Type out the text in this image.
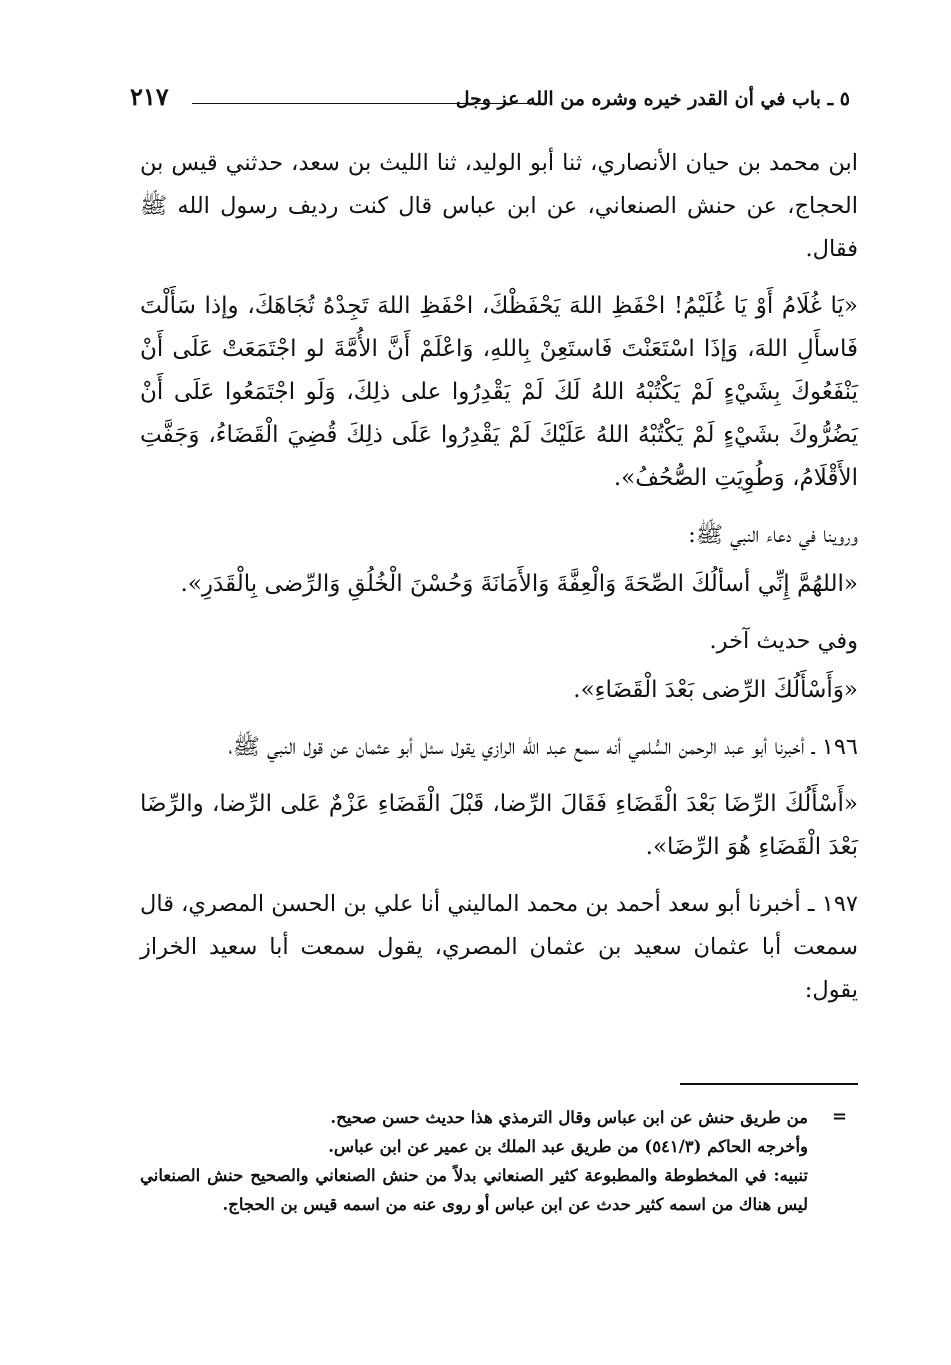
٥ ـ باب في أن القدر خيره وشره من الله عز وجل
٢١٧

ابن محمد بن حيان الأنصاري، ثنا أبو الوليد، ثنا الليث بن سعد، حدثني قيس بن الحجاج، عن حنش الصنعاني، عن ابن عباس قال كنت رديف رسول الله ﷺ فقال.

«يَا غُلَامُ أَوْ يَا غُلَيْمُ! احْفَظِ اللهَ يَحْفَظْكَ، احْفَظِ اللهَ تَجِدْهُ تُجَاهَكَ، وإذا سَأَلْتَ فَاسأَلِ اللهَ، وَإذَا اسْتَعَنْتَ فَاستَعِنْ بِاللهِ، وَاعْلَمْ أَنَّ الأُمَّةَ لو اجْتَمَعَتْ عَلَى أَنْ يَنْفَعُوكَ بِشَيْءٍ لَمْ يَكْتُبْهُ اللهُ لَكَ لَمْ يَقْدِرُوا على ذلِكَ، وَلَو اجْتَمَعُوا عَلَى أَنْ يَضُرُّوكَ بشَيْءٍ لَمْ يَكْتُبْهُ اللهُ عَلَيْكَ لَمْ يَقْدِرُوا عَلَى ذلِكَ قُضِيَ الْقَضَاءُ، وَجَفَّتِ الأَقْلَامُ، وَطُوِيَتِ الصُّحُفُ».

وروينا في دعاء النبي ﷺ:

«اللهُمَّ إِنِّي أسألُكَ الصِّحَةَ وَالْعِفَّةَ وَالأَمَانَةَ وَحُسْنَ الْخُلُقِ وَالرِّضى بِالْقَدَرِ».

وفي حديث آخر.

«وَأَسْأَلُكَ الرِّضى بَعْدَ الْقَضَاءِ».

١٩٦ ـ أخبرنا أبو عبد الرحمن السُّلمي أنه سمع عبد الله الرازي يقول سئل أبو عثمان عن قول النبي ﷺ،

«أَسْأَلُكَ الرِّضَا بَعْدَ الْقَضَاءِ فَقَالَ الرِّضا، قَبْلَ الْقَضَاءِ عَزْمٌ عَلى الرِّضا، والرِّضَا بَعْدَ الْقَضَاءِ هُوَ الرِّضَا».

١٩٧ ـ أخبرنا أبو سعد أحمد بن محمد الماليني أنا علي بن الحسن المصري، قال سمعت أبا عثمان سعيد بن عثمان المصري، يقول سمعت أبا سعيد الخراز يقول:

=

من طريق حنش عن ابن عباس وقال الترمذي هذا حديث حسن صحيح.

وأخرجه الحاكم (٥٤١/٣) من طريق عبد الملك بن عمير عن ابن عباس.

تنبيه: في المخطوطة والمطبوعة كثير الصنعاني بدلاً من حنش الصنعاني والصحيح حنش الصنعاني ليس هناك من اسمه كثير حدث عن ابن عباس أو روى عنه من اسمه قيس بن الحجاج.
